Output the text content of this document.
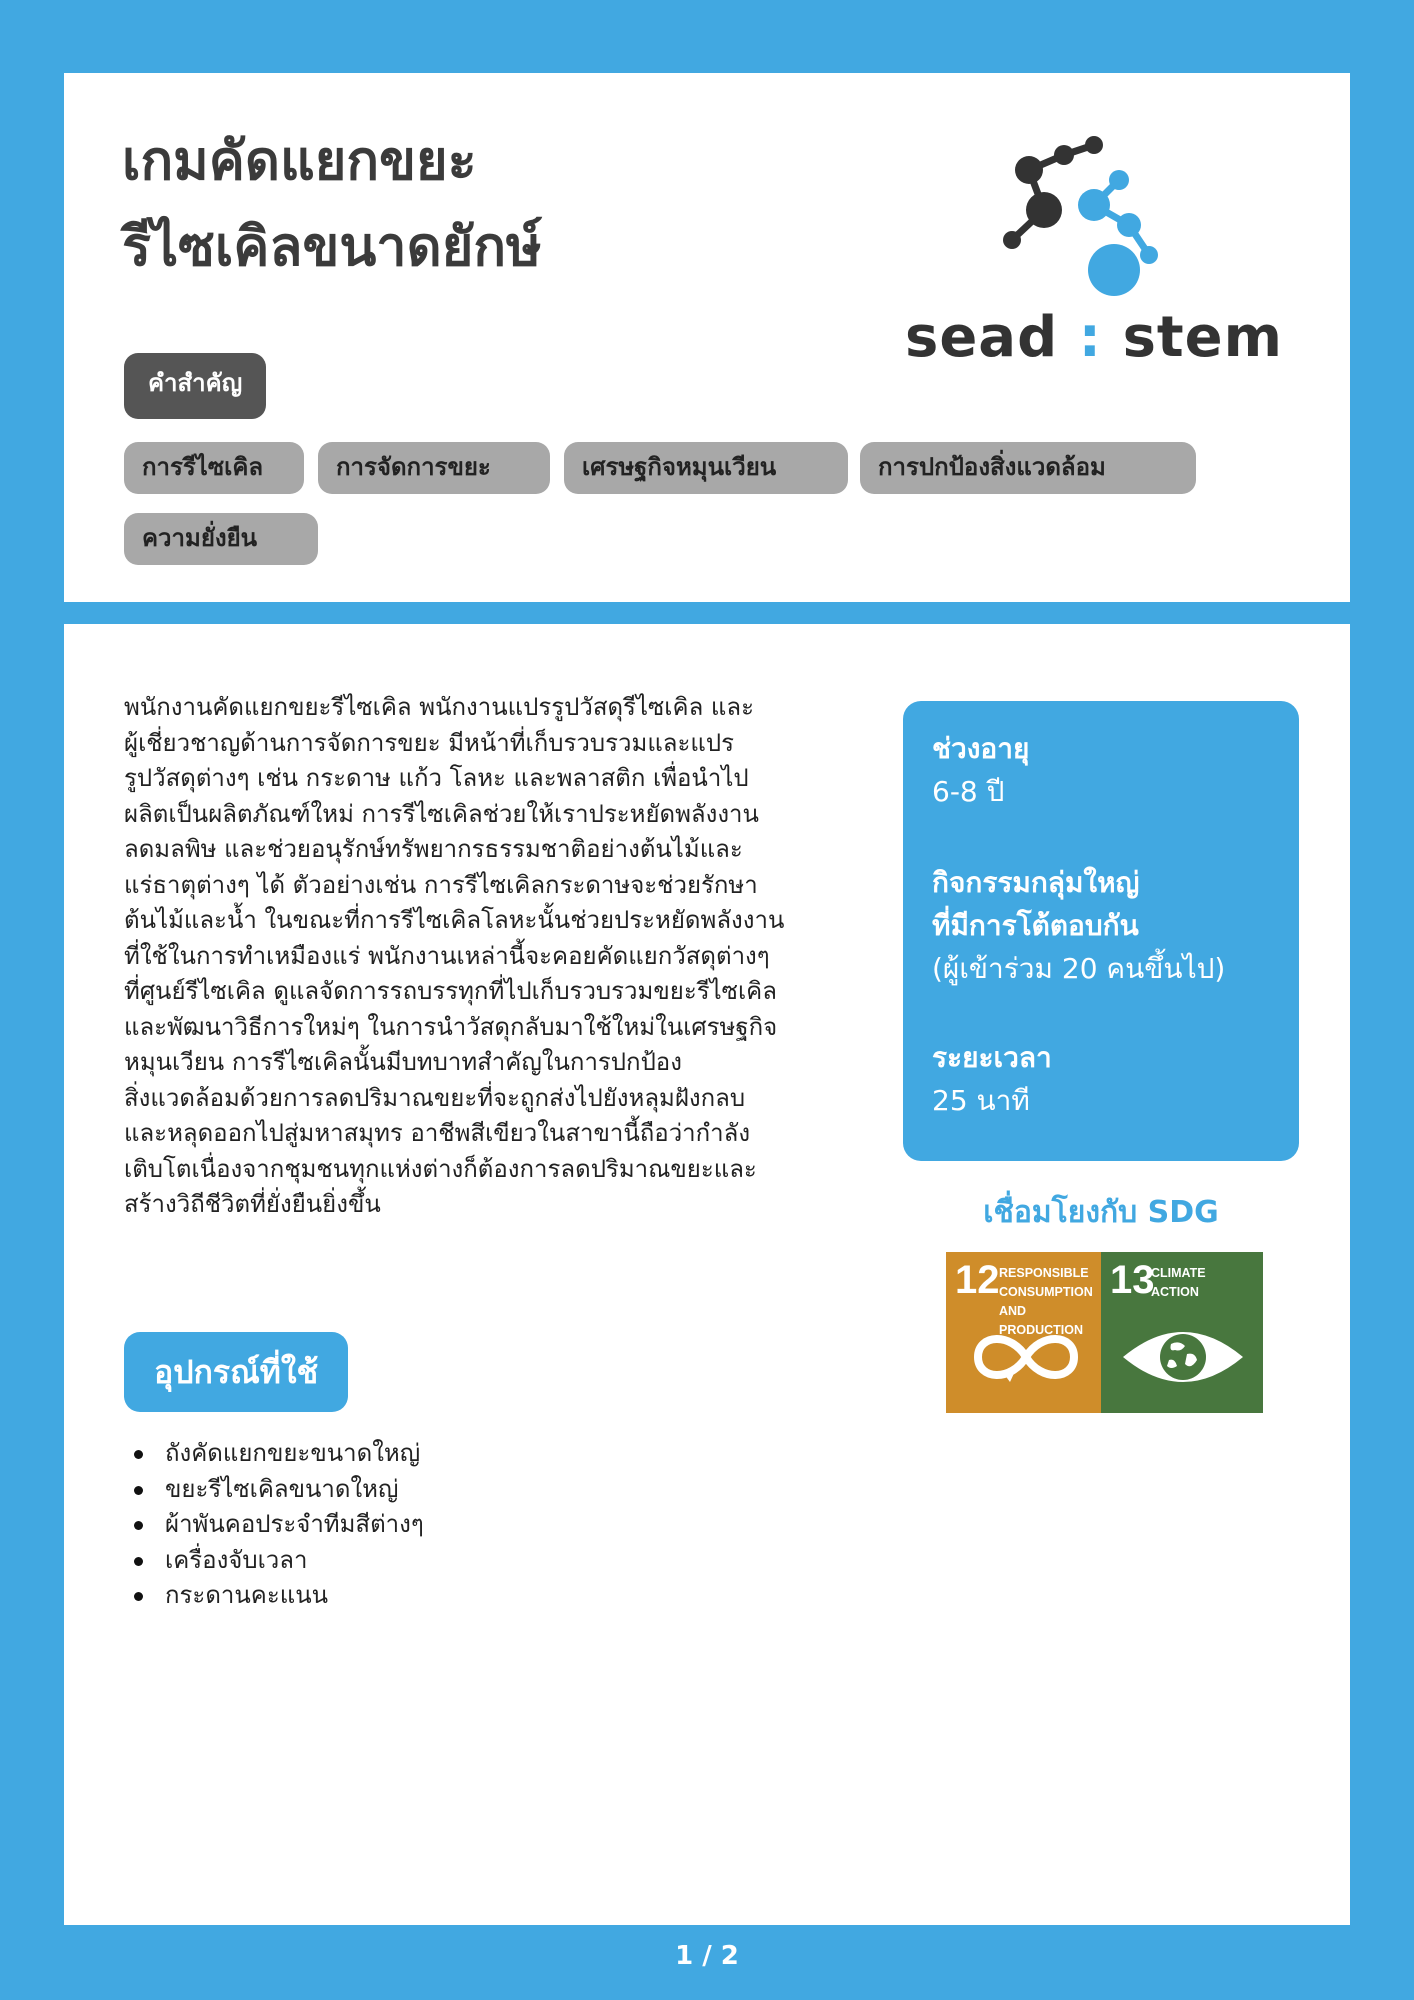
เกมคัดแยกขยะ
รีไซเคิลขนาดยักษ์
sead : stem
คำสำคัญ
การรีไซเคิล	การจัดการขยะ	เศรษฐกิจหมุนเวียน	การปกป้องสิ่งแวดล้อม
ความยั่งยืน
พนักงานคัดแยกขยะรีไซเคิล พนักงานแปรรูปวัสดุรีไซเคิล และ
ผู้เชี่ยวชาญด้านการจัดการขยะ มีหน้าที่เก็บรวบรวมและแปร
รูปวัสดุต่างๆ เช่น กระดาษ แก้ว โลหะ และพลาสติก เพื่อนำไป
ผลิตเป็นผลิตภัณฑ์ใหม่ การรีไซเคิลช่วยให้เราประหยัดพลังงาน
ลดมลพิษ และช่วยอนุรักษ์ทรัพยากรธรรมชาติอย่างต้นไม้และ
แร่ธาตุต่างๆ ได้ ตัวอย่างเช่น การรีไซเคิลกระดาษจะช่วยรักษา
ต้นไม้และน้ำ ในขณะที่การรีไซเคิลโลหะนั้นช่วยประหยัดพลังงาน
ที่ใช้ในการทำเหมืองแร่ พนักงานเหล่านี้จะคอยคัดแยกวัสดุต่างๆ
ที่ศูนย์รีไซเคิล ดูแลจัดการรถบรรทุกที่ไปเก็บรวบรวมขยะรีไซเคิล
และพัฒนาวิธีการใหม่ๆ ในการนำวัสดุกลับมาใช้ใหม่ในเศรษฐกิจ
หมุนเวียน การรีไซเคิลนั้นมีบทบาทสำคัญในการปกป้อง
สิ่งแวดล้อมด้วยการลดปริมาณขยะที่จะถูกส่งไปยังหลุมฝังกลบ
และหลุดออกไปสู่มหาสมุทร อาชีพสีเขียวในสาขานี้ถือว่ากำลัง
เติบโตเนื่องจากชุมชนทุกแห่งต่างก็ต้องการลดปริมาณขยะและ
สร้างวิถีชีวิตที่ยั่งยืนยิ่งขึ้น
ช่วงอายุ
6-8 ปี
กิจกรรมกลุ่มใหญ่
ที่มีการโต้ตอบกัน
(ผู้เข้าร่วม 20 คนขึ้นไป)
ระยะเวลา
25 นาที
เชื่อมโยงกับ SDG
12 RESPONSIBLE
CONSUMPTION
AND PRODUCTION
13
CLIMATE
ACTION
อุปกรณ์ที่ใช้
ถังคัดแยกขยะขนาดใหญ่
ขยะรีไซเคิลขนาดใหญ่
ผ้าพันคอประจำทีมสีต่างๆ
เครื่องจับเวลา
กระดานคะแนน
1 / 2
